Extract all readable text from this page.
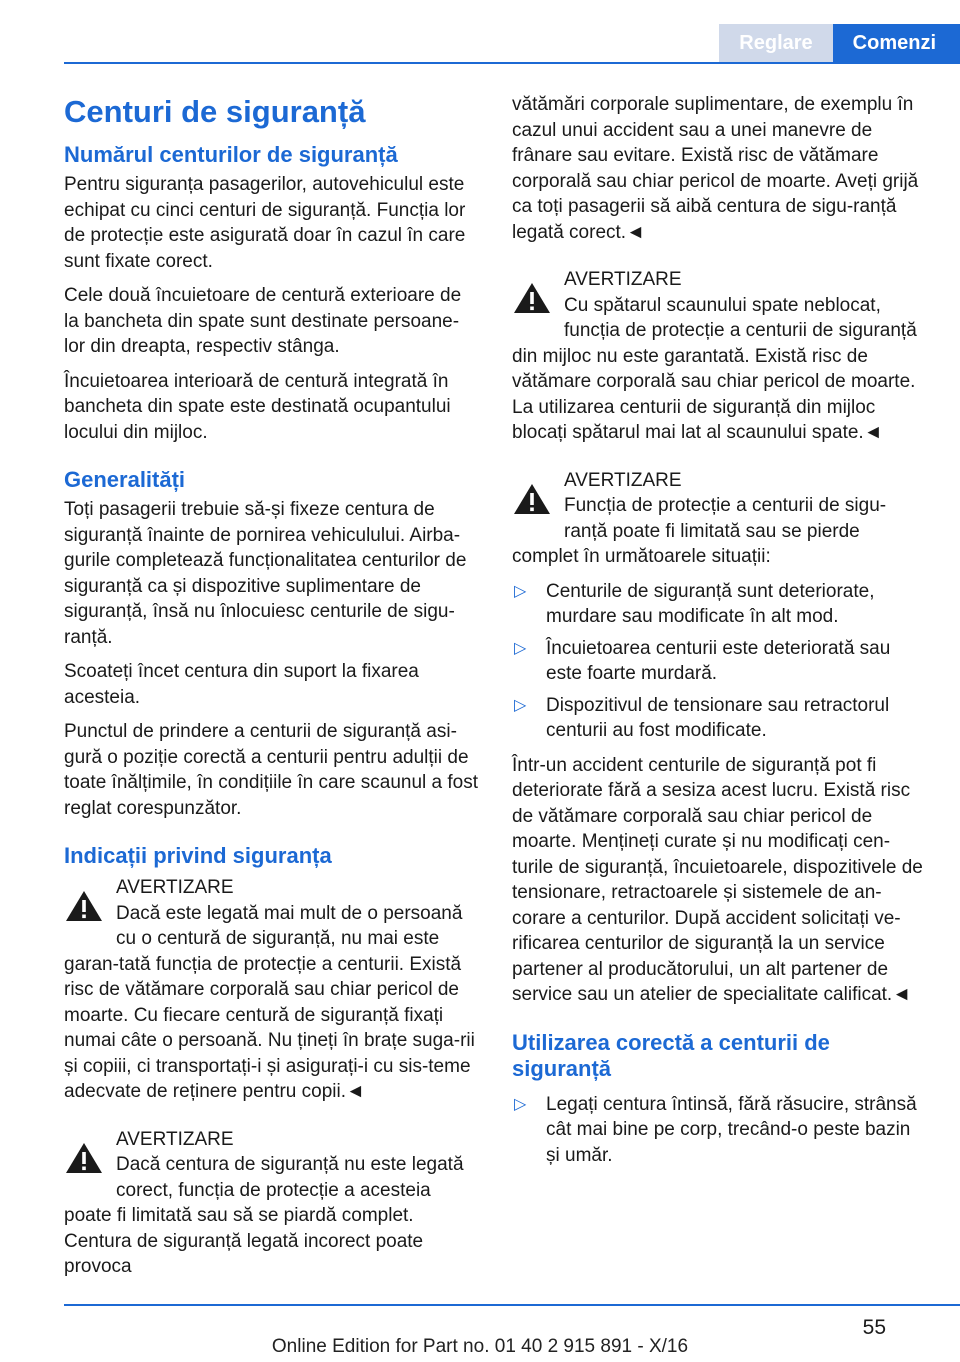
Reglare	Comenzi
Centuri de siguranță
Numărul centurilor de siguranță

Pentru siguranța pasagerilor, autovehiculul este echipat cu cinci centuri de siguranță. Funcția lor de protecție este asigurată doar în cazul în care sunt fixate corect.

Cele două încuietoare de centură exterioare de la bancheta din spate sunt destinate persoane-lor din dreapta, respectiv stânga.

Încuietoarea interioară de centură integrată în bancheta din spate este destinată ocupantului locului din mijloc.

Generalități

Toți pasagerii trebuie să-și fixeze centura de siguranță înainte de pornirea vehiculului. Airba-gurile completează funcționalitatea centurilor de siguranță ca și dispozitive suplimentare de siguranță, însă nu înlocuiesc centurile de sigu-ranță.

Scoateți încet centura din suport la fixarea acesteia.

Punctul de prindere a centurii de siguranță asi-gură o poziție corectă a centurii pentru adulții de toate înălțimile, în condițiile în care scaunul a fost reglat corespunzător.

Indicații privind siguranța
AVERTIZARE
Dacă este legată mai mult de o persoană cu o centură de siguranță, nu mai este garan-tată funcția de protecție a centurii. Există risc de vătămare corporală sau chiar pericol de moarte. Cu fiecare centură de siguranță fixați numai câte o persoană. Nu țineți în brațe suga-rii și copiii, ci transportați-i și asigurați-i cu sis-teme adecvate de reținere pentru copii.◄
AVERTIZARE
Dacă centura de siguranță nu este legată corect, funcția de protecție a acesteia poate fi limitată sau să se piardă complet. Centura de siguranță legată incorect poate provoca

vătămări corporale suplimentare, de exemplu în cazul unui accident sau a unei manevre de frânare sau evitare. Există risc de vătămare corporală sau chiar pericol de moarte. Aveți grijă ca toți pasagerii să aibă centura de sigu-ranță legată corect.◄

AVERTIZARE
Cu spătarul scaunului spate neblocat, funcția de protecție a centurii de siguranță din mijloc nu este garantată. Există risc de vătămare corporală sau chiar pericol de moarte. La utilizarea centurii de siguranță din mijloc blocați spătarul mai lat al scaunului spate.◄
AVERTIZARE
Funcția de protecție a centurii de sigu-ranță poate fi limitată sau se pierde complet în următoarele situații:
▷ Centurile de siguranță sunt deteriorate, murdare sau modificate în alt mod.
▷ Încuietoarea centurii este deteriorată sau este foarte murdară.
▷ Dispozitivul de tensionare sau retractorul centurii au fost modificate.

Într-un accident centurile de siguranță pot fi deteriorate fără a sesiza acest lucru. Există risc de vătămare corporală sau chiar pericol de moarte. Mențineți curate și nu modificați cen-turile de siguranță, încuietoarele, dispozitivele de tensionare, retractoarele și sistemele de an-corare a centurilor. După accident solicitați ve-rificarea centurilor de siguranță la un service partener al producătorului, un alt partener de service sau un atelier de specialitate calificat.◄

Utilizarea corectă a centurii de siguranță
▷ Legați centura întinsă, fără răsucire, strânsă cât mai bine pe corp, trecând-o peste bazin și umăr.
55
Online Edition for Part no. 01 40 2 915 891 - X/16
